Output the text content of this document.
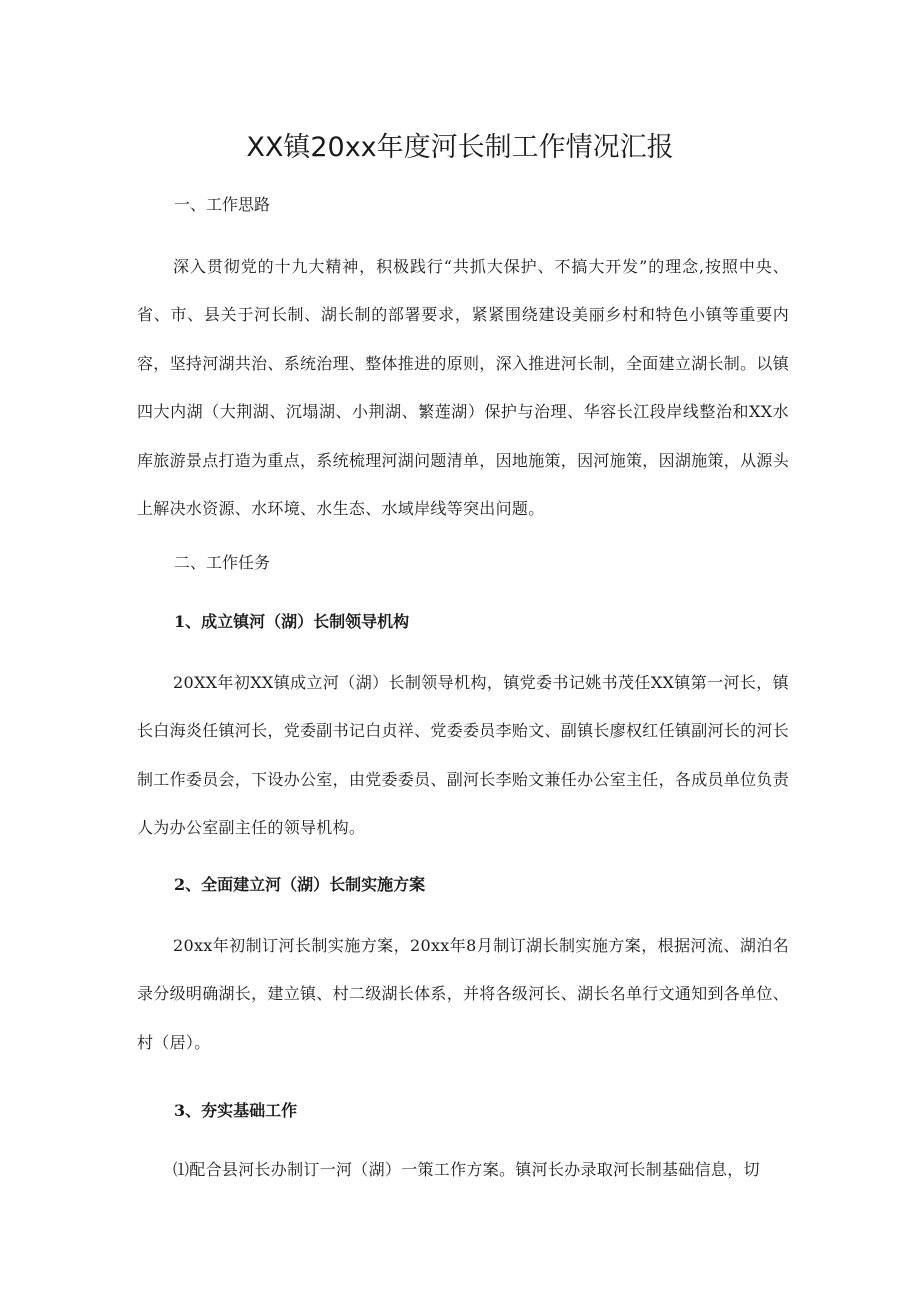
XX镇20xx年度河长制工作情况汇报

一、工作思路

深入贯彻党的十九大精神，积极践行“共抓大保护、不搞大开发”的理念,按照中央、省、市、县关于河长制、湖长制的部署要求，紧紧围绕建设美丽乡村和特色小镇等重要内容，坚持河湖共治、系统治理、整体推进的原则，深入推进河长制，全面建立湖长制。以镇四大内湖（大荆湖、沉塌湖、小荆湖、繁莲湖）保护与治理、华容长江段岸线整治和XX水库旅游景点打造为重点，系统梳理河湖问题清单，因地施策，因河施策，因湖施策，从源头上解决水资源、水环境、水生态、水域岸线等突出问题。

二、工作任务

1、成立镇河（湖）长制领导机构

20XX年初XX镇成立河（湖）长制领导机构，镇党委书记姚书茂任XX镇第一河长，镇长白海炎任镇河长，党委副书记白贞祥、党委委员李贻文、副镇长廖权红任镇副河长的河长制工作委员会，下设办公室，由党委委员、副河长李贻文兼任办公室主任，各成员单位负责人为办公室副主任的领导机构。

2、全面建立河（湖）长制实施方案

20xx年初制订河长制实施方案，20xx年8月制订湖长制实施方案，根据河流、湖泊名录分级明确湖长，建立镇、村二级湖长体系，并将各级河长、湖长名单行文通知到各单位、村（居）。

3、夯实基础工作

⑴配合县河长办制订一河（湖）一策工作方案。镇河长办录取河长制基础信息，切
